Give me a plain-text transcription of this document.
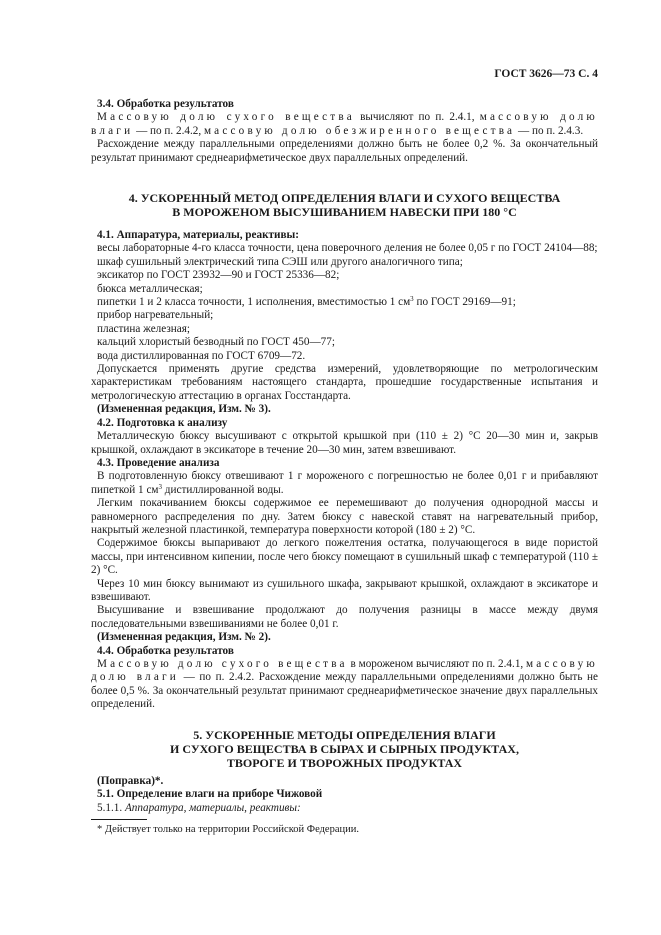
ГОСТ 3626—73 С. 4

3.4. Обработка результатов

Массовую долю сухого вещества вычисляют по п. 2.4.1, массовую долю влаги — по п. 2.4.2, массовую долю обезжиренного вещества — по п. 2.4.3.

Расхождение между параллельными определениями должно быть не более 0,2 %. За окончательный результат принимают среднеарифметическое двух параллельных определений.

4. УСКОРЕННЫЙ МЕТОД ОПРЕДЕЛЕНИЯ ВЛАГИ И СУХОГО ВЕЩЕСТВА
В МОРОЖЕНОМ ВЫСУШИВАНИЕМ НАВЕСКИ ПРИ 180 °С

4.1. Аппаратура, материалы, реактивы:

весы лабораторные 4-го класса точности, цена поверочного деления не более 0,05 г по ГОСТ 24104—88;

шкаф сушильный электрический типа СЭШ или другого аналогичного типа;

эксикатор по ГОСТ 23932—90 и ГОСТ 25336—82;

бюкса металлическая;

пипетки 1 и 2 класса точности, 1 исполнения, вместимостью 1 $см^3$ по ГОСТ 29169—91;

прибор нагревательный;

пластина железная;

кальций хлористый безводный по ГОСТ 450—77;

вода дистиллированная по ГОСТ 6709—72.

Допускается применять другие средства измерений, удовлетворяющие по метрологическим характеристикам требованиям настоящего стандарта, прошедшие государственные испытания и метрологическую аттестацию в органах Госстандарта.

(Измененная редакция, Изм. № 3).

4.2. Подготовка к анализу

Металлическую бюксу высушивают с открытой крышкой при (110 ± 2) °С 20—30 мин и, закрыв крышкой, охлаждают в эксикаторе в течение 20—30 мин, затем взвешивают.

4.3. Проведение анализа

В подготовленную бюксу отвешивают 1 г мороженого с погрешностью не более 0,01 г и прибавляют пипеткой 1 $см^3$ дистиллированной воды.

Легким покачиванием бюксы содержимое ее перемешивают до получения однородной массы и равномерного распределения по дну. Затем бюксу с навеской ставят на нагревательный прибор, накрытый железной пластинкой, температура поверхности которой (180 ± 2) °С.

Содержимое бюксы выпаривают до легкого пожелтения остатка, получающегося в виде пористой массы, при интенсивном кипении, после чего бюксу помещают в сушильный шкаф с температурой (110 ± 2) °С.

Через 10 мин бюксу вынимают из сушильного шкафа, закрывают крышкой, охлаждают в эксикаторе и взвешивают.

Высушивание и взвешивание продолжают до получения разницы в массе между двумя последовательными взвешиваниями не более 0,01 г.

(Измененная редакция, Изм. № 2).

4.4. Обработка результатов

Массовую долю сухого вещества в мороженом вычисляют по п. 2.4.1, массовую долю влаги — по п. 2.4.2. Расхождение между параллельными определениями должно быть не более 0,5 %. За окончательный результат принимают среднеарифметическое значение двух параллельных определений.

5. УСКОРЕННЫЕ МЕТОДЫ ОПРЕДЕЛЕНИЯ ВЛАГИ
И СУХОГО ВЕЩЕСТВА В СЫРАХ И СЫРНЫХ ПРОДУКТАХ,
ТВОРОГЕ И ТВОРОЖНЫХ ПРОДУКТАХ

(Поправка)*.

5.1. Определение влаги на приборе Чижовой

5.1.1. Аппаратура, материалы, реактивы:

* Действует только на территории Российской Федерации.
